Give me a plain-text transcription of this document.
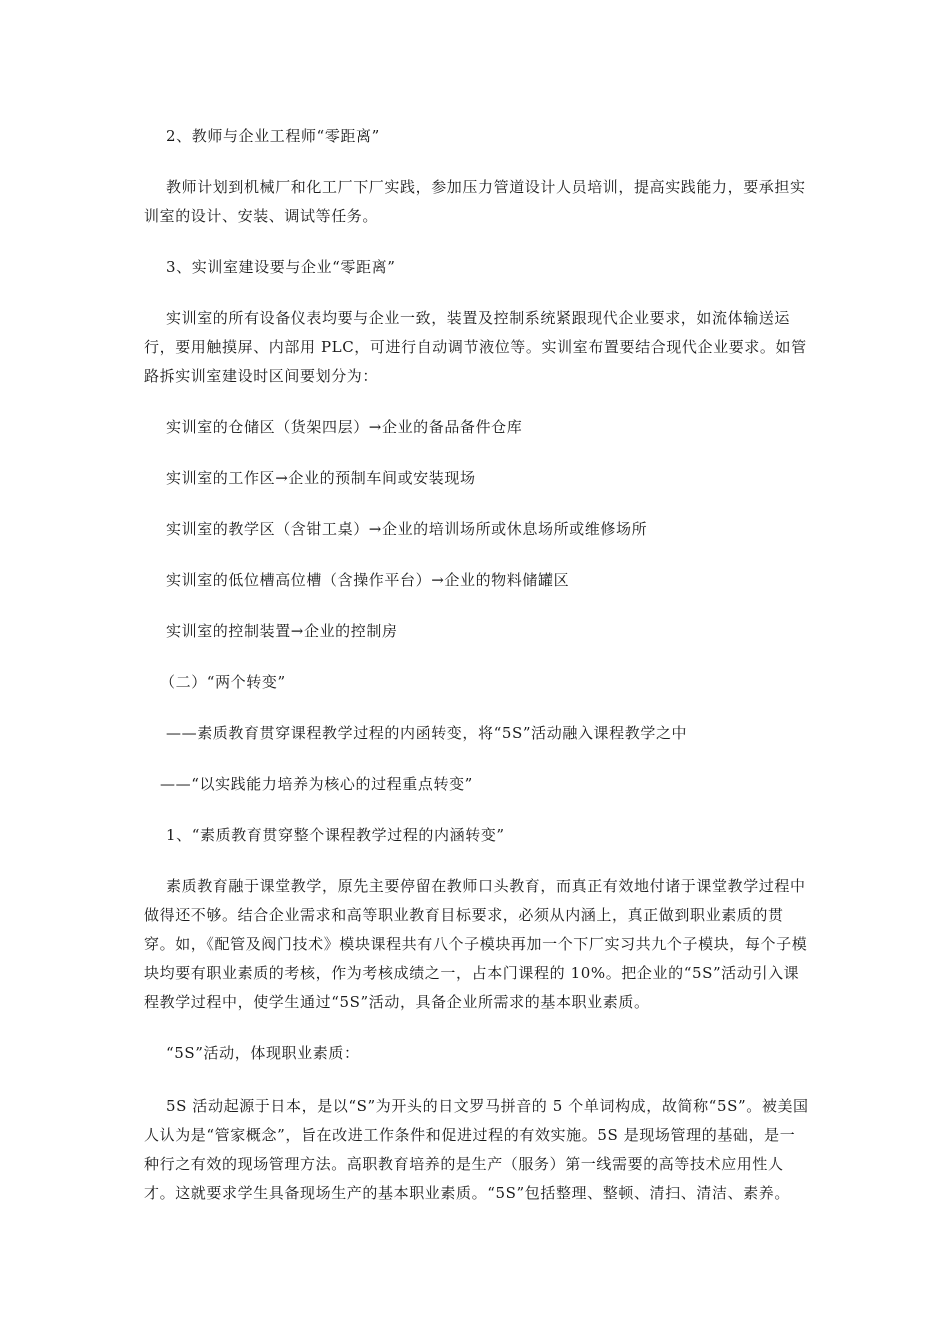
2、教师与企业工程师“零距离”

教师计划到机械厂和化工厂下厂实践，参加压力管道设计人员培训，提高实践能力，要承担实训室的设计、安装、调试等任务。

3、实训室建设要与企业“零距离”

实训室的所有设备仪表均要与企业一致，装置及控制系统紧跟现代企业要求，如流体输送运行，要用触摸屏、内部用 PLC，可进行自动调节液位等。实训室布置要结合现代企业要求。如管路拆实训室建设时区间要划分为：

实训室的仓储区（货架四层）→企业的备品备件仓库

实训室的工作区→企业的预制车间或安装现场

实训室的教学区（含钳工桌）→企业的培训场所或休息场所或维修场所

实训室的低位槽高位槽（含操作平台）→企业的物料储罐区

实训室的控制装置→企业的控制房

（二）“两个转变”

——素质教育贯穿课程教学过程的内函转变，将“5S”活动融入课程教学之中

——“以实践能力培养为核心的过程重点转变”

1、“素质教育贯穿整个课程教学过程的内涵转变”

素质教育融于课堂教学，原先主要停留在教师口头教育，而真正有效地付诸于课堂教学过程中做得还不够。结合企业需求和高等职业教育目标要求，必须从内涵上，真正做到职业素质的贯穿。如，《配管及阀门技术》模块课程共有八个子模块再加一个下厂实习共九个子模块，每个子模块均要有职业素质的考核，作为考核成绩之一，占本门课程的 10%。把企业的“5S”活动引入课程教学过程中，使学生通过“5S”活动，具备企业所需求的基本职业素质。

“5S”活动，体现职业素质：

5S 活动起源于日本，是以“S”为开头的日文罗马拼音的 5 个单词构成，故简称“5S”。被美国人认为是“管家概念”，旨在改进工作条件和促进过程的有效实施。5S 是现场管理的基础，是一种行之有效的现场管理方法。高职教育培养的是生产（服务）第一线需要的高等技术应用性人才。这就要求学生具备现场生产的基本职业素质。“5S”包括整理、整顿、清扫、清洁、素养。
